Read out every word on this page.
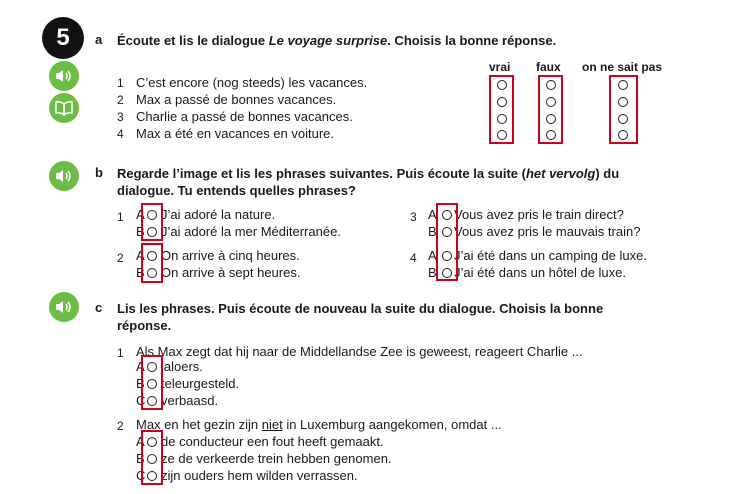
5	a Écoute et lis le dialogue Le voyage surprise. Choisis la bonne réponse.
vrai faux on ne sait pas
1 C’est encore (nog steeds) les vacances.
2 Max a passé de bonnes vacances.
3 Charlie a passé de bonnes vacances.
4 Max a été en vacances en voiture.
b Regarde l’image et lis les phrases suivantes. Puis écoute la suite (het vervolg) du
dialogue. Tu entends quelles phrases?
1 A J’ai adoré la nature.
B J’ai adoré la mer Méditerranée.
2 A On arrive à cinq heures.
B On arrive à sept heures.
3 A Vous avez pris le train direct?
B Vous avez pris le mauvais train?
4 A J’ai été dans un camping de luxe.
B J’ai été dans un hôtel de luxe.
c Lis les phrases. Puis écoute de nouveau la suite du dialogue. Choisis la bonne
réponse.
1 Als Max zegt dat hij naar de Middellandse Zee is geweest, reageert Charlie ...
A jaloers.
B teleurgesteld.
C verbaasd.
2 Max en het gezin zijn niet in Luxemburg aangekomen, omdat ...
A de conducteur een fout heeft gemaakt.
B ze de verkeerde trein hebben genomen.
C zijn ouders hem wilden verrassen.
